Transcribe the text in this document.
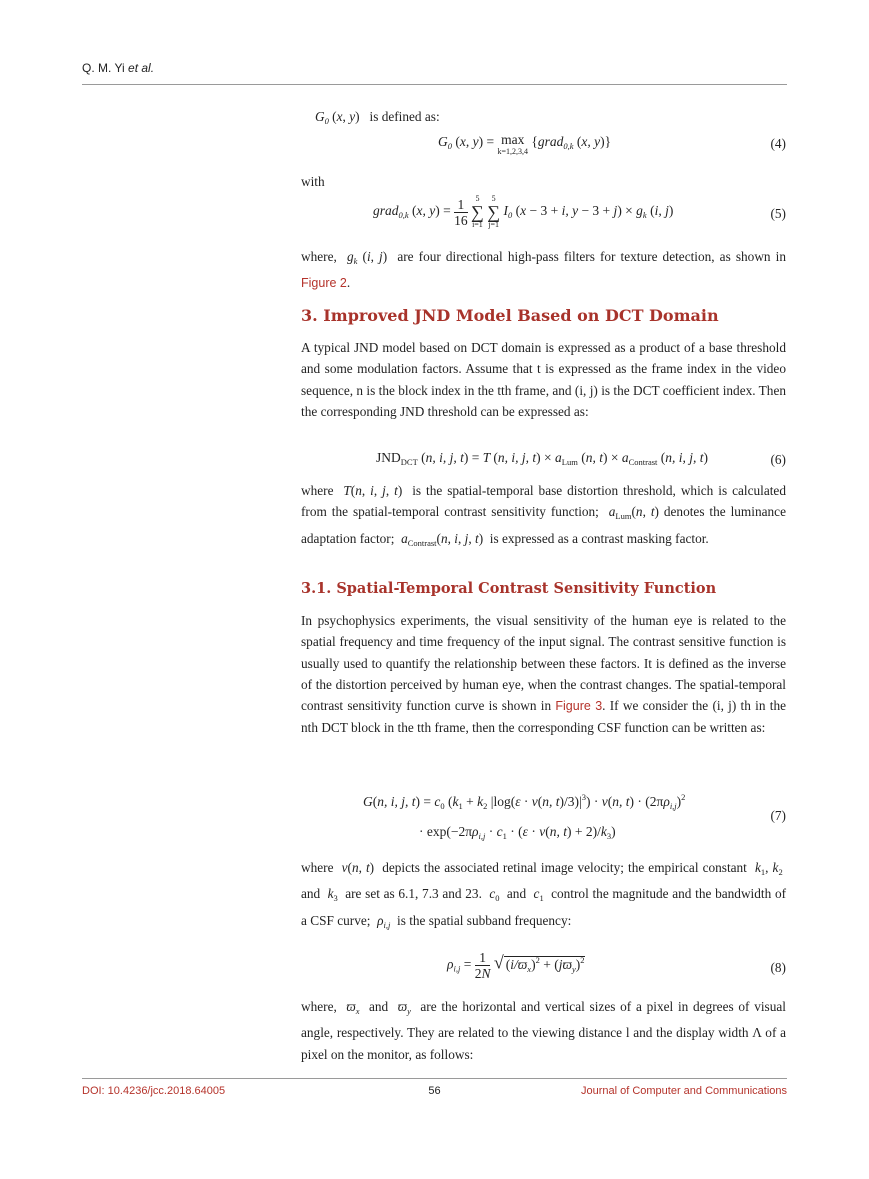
Q. M. Yi et al.

$G_0$ (x, y)   is defined as:

$G_0$ (x, y) = max
k=1,2,3,4
{grad$_{0,k}$ (x, y)}	(4)

with

grad$_{0,k}$ (x, $y) = \frac{1}{16}$
5
∑
i=1

5
∑
j=1
$I_0$ (x − 3 + i, $y - 3 + j) \times g_k$ (i, j)	(5)

where, $g_k$ (i, j)  are four directional high-pass filters for texture detection, as shown in Figure 2.

3. Improved JND Model Based on DCT Domain

A typical JND model based on DCT domain is expressed as a product of a base threshold and some modulation factors. Assume that t is expressed as the frame index in the video sequence, n is the block index in the tth frame, and (i, j) is the DCT coefficient index. Then the corresponding JND threshold can be expressed as:

$JND_{DCT}$ (n, i, j, t) = T (n, i, j, $t) \times a_{Lum}$ (n, $t) \times a_{Contrast}$ (n, i, j, t)	(6)

where T(n, i, j, t)  is the spatial-temporal base distortion threshold, which is calculated from the spatial-temporal contrast sensitivity function; $a_{Lum}(n$, t) denotes the luminance adaptation factor; $a_{Contrast}(n$, i, j, t)  is expressed as a contrast masking factor.

3.1. Spatial-Temporal Contrast Sensitivity Function

In psychophysics experiments, the visual sensitivity of the human eye is related to the spatial frequency and time frequency of the input signal. The contrast sensitive function is usually used to quantify the relationship between these factors. It is defined as the inverse of the distortion perceived by human eye, when the contrast changes. The spatial-temporal contrast sensitivity function curve is shown in Figure 3. If we consider the (i, j) th in the nth DCT block in the tth frame, then the corresponding CSF function can be written as:

G(n, i, j, $t) = c_0$ ($k_1 + k_2$ |log(ε · ν(n, $t)/3)|^3) \cdot \nu(n$, $t) \cdot (2\pi\rho_{i,j})^2$
· $\exp(-2\pi\rho_{i,j} \cdot c_1 \cdot (\varepsilon \cdot \nu(n$, $t) + 2)/k_3$)
(7)

where ν(n, t)  depicts the associated retinal image velocity; the empirical constant $k_1$, $k_2$  and $k_3$ are set as 6.1, 7.3 and 23. $c_0$ and $c_1$ control the magnitude and the bandwidth of a CSF curve; $\rho_{i,j}$ is the spatial subband frequency:

$\rho_{i,j} = \frac{1}{2N}$ √ $(i/ϖ_x)^2 + (jϖ_y)^2$
(8)

where, $ϖ_x$ and $ϖ_y$ are the horizontal and vertical sizes of a pixel in degrees of visual angle, respectively. They are related to the viewing distance l and the display width Λ of a pixel on the monitor, as follows:

DOI: 10.4236/jcc.2018.64005	56	Journal of Computer and Communications
